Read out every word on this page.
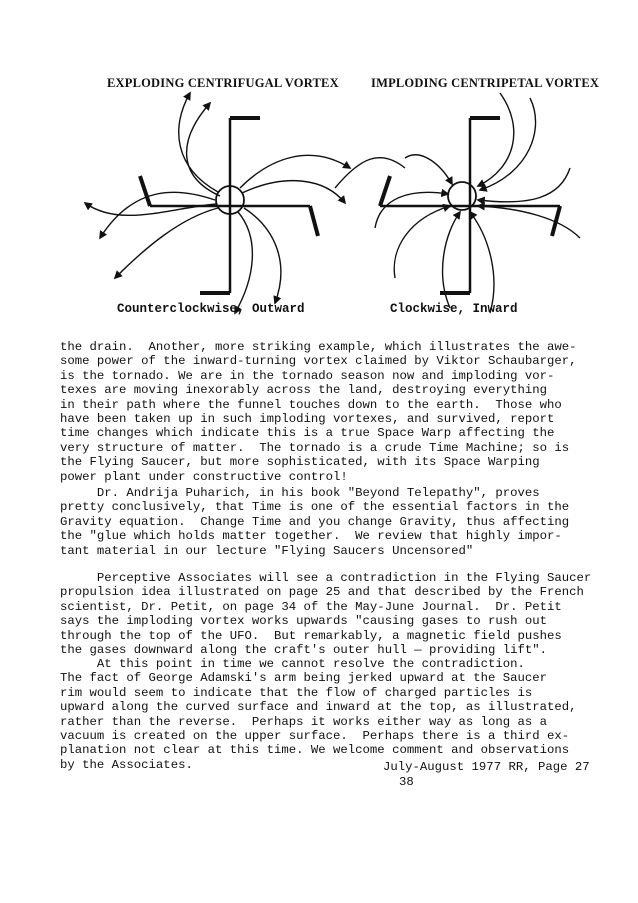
EXPLODING CENTRIFUGAL VORTEX	IMPLODING CENTRIPETAL VORTEX
Counterclockwise, Outward	Clockwise, Inward

the drain.  Another, more striking example, which illustrates the awe-

some power of the inward-turning vortex claimed by Viktor Schaubarger,

is the tornado. We are in the tornado season now and imploding vor-

texes are moving inexorably across the land, destroying everything

in their path where the funnel touches down to the earth.  Those who

have been taken up in such imploding vortexes, and survived, report

time changes which indicate this is a true Space Warp affecting the

very structure of matter.  The tornado is a crude Time Machine; so is

the Flying Saucer, but more sophisticated, with its Space Warping

power plant under constructive control!

Dr. Andrija Puharich, in his book "Beyond Telepathy", proves

pretty conclusively, that Time is one of the essential factors in the

Gravity equation.  Change Time and you change Gravity, thus affecting

the "glue which holds matter together.  We review that highly impor-

tant material in our lecture "Flying Saucers Uncensored"

Perceptive Associates will see a contradiction in the Flying Saucer

propulsion idea illustrated on page 25 and that described by the French

scientist, Dr. Petit, on page 34 of the May-June Journal.  Dr. Petit

says the imploding vortex works upwards "causing gases to rush out

through the top of the UFO.  But remarkably, a magnetic field pushes

the gases downward along the craft's outer hull — providing lift".

At this point in time we cannot resolve the contradiction.

The fact of George Adamski's arm being jerked upward at the Saucer

rim would seem to indicate that the flow of charged particles is

upward along the curved surface and inward at the top, as illustrated,

rather than the reverse.  Perhaps it works either way as long as a

vacuum is created on the upper surface.  Perhaps there is a third ex-

planation not clear at this time. We welcome comment and observations

by the Associates.	July-August 1977 RR, Page 27
38
